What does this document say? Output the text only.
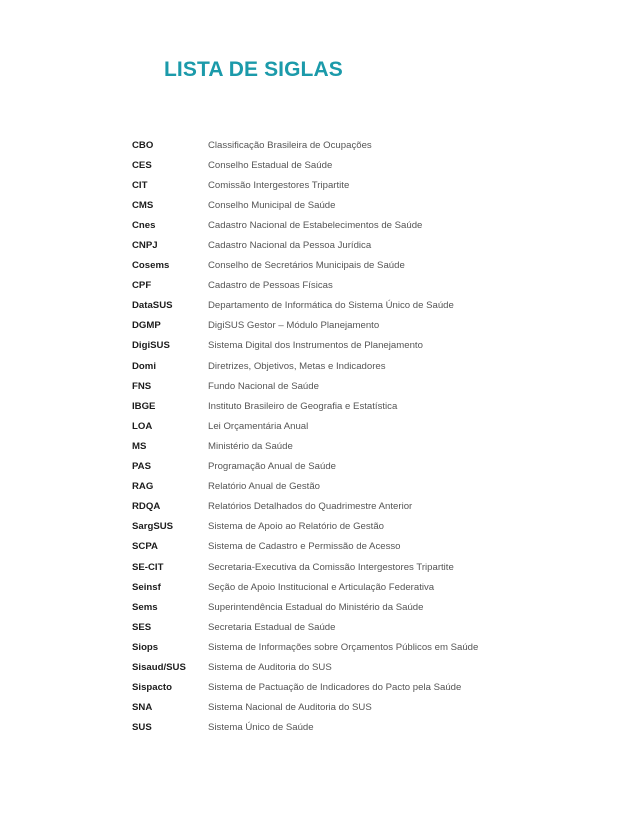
LISTA DE SIGLAS
CBO	Classificação Brasileira de Ocupações
CES	Conselho Estadual de Saúde
CIT	Comissão Intergestores Tripartite
CMS	Conselho Municipal de Saúde
Cnes	Cadastro Nacional de Estabelecimentos de Saúde
CNPJ	Cadastro Nacional da Pessoa Jurídica
Cosems	Conselho de Secretários Municipais de Saúde
CPF	Cadastro de Pessoas Físicas
DataSUS	Departamento de Informática do Sistema Único de Saúde
DGMP	DigiSUS Gestor – Módulo Planejamento
DigiSUS	Sistema Digital dos Instrumentos de Planejamento
Domi	Diretrizes, Objetivos, Metas e Indicadores
FNS	Fundo Nacional de Saúde
IBGE	Instituto Brasileiro de Geografia e Estatística
LOA	Lei Orçamentária Anual
MS	Ministério da Saúde
PAS	Programação Anual de Saúde
RAG	Relatório Anual de Gestão
RDQA	Relatórios Detalhados do Quadrimestre Anterior
SargSUS	Sistema de Apoio ao Relatório de Gestão
SCPA	Sistema de Cadastro e Permissão de Acesso
SE-CIT	Secretaria-Executiva da Comissão Intergestores Tripartite
Seinsf	Seção de Apoio Institucional e Articulação Federativa
Sems	Superintendência Estadual do Ministério da Saúde
SES	Secretaria Estadual de Saúde
Siops	Sistema de Informações sobre Orçamentos Públicos em Saúde
Sisaud/SUS	Sistema de Auditoria do SUS
Sispacto	Sistema de Pactuação de Indicadores do Pacto pela Saúde
SNA	Sistema Nacional de Auditoria do SUS
SUS	Sistema Único de Saúde
